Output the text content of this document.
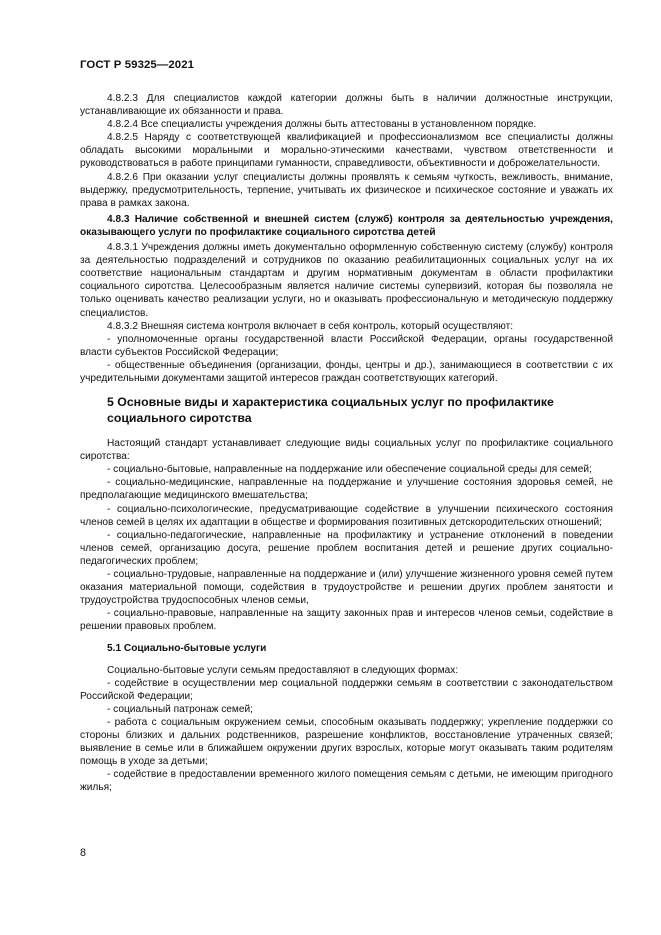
ГОСТ Р 59325—2021

4.8.2.3 Для специалистов каждой категории должны быть в наличии должностные инструкции, устанавливающие их обязанности и права.

4.8.2.4 Все специалисты учреждения должны быть аттестованы в установленном порядке.

4.8.2.5 Наряду с соответствующей квалификацией и профессионализмом все специалисты должны обладать высокими моральными и морально-этическими качествами, чувством ответственности и руководствоваться в работе принципами гуманности, справедливости, объективности и доброжелательности.

4.8.2.6 При оказании услуг специалисты должны проявлять к семьям чуткость, вежливость, внимание, выдержку, предусмотрительность, терпение, учитывать их физическое и психическое состояние и уважать их права в рамках закона.

4.8.3 Наличие собственной и внешней систем (служб) контроля за деятельностью учреждения, оказывающего услуги по профилактике социального сиротства детей

4.8.3.1 Учреждения должны иметь документально оформленную собственную систему (службу) контроля за деятельностью подразделений и сотрудников по оказанию реабилитационных социальных услуг на их соответствие национальным стандартам и другим нормативным документам в области профилактики социального сиротства. Целесообразным является наличие системы супервизий, которая бы позволяла не только оценивать качество реализации услуги, но и оказывать профессиональную и методическую поддержку специалистов.

4.8.3.2 Внешняя система контроля включает в себя контроль, который осуществляют:

- уполномоченные органы государственной власти Российской Федерации, органы государственной власти субъектов Российской Федерации;

- общественные объединения (организации, фонды, центры и др.), занимающиеся в соответствии с их учредительными документами защитой интересов граждан соответствующих категорий.

5 Основные виды и характеристика социальных услуг по профилактике социального сиротства

Настоящий стандарт устанавливает следующие виды социальных услуг по профилактике социального сиротства:

- социально-бытовые, направленные на поддержание или обеспечение социальной среды для семей;

- социально-медицинские, направленные на поддержание и улучшение состояния здоровья семей, не предполагающие медицинского вмешательства;

- социально-психологические, предусматривающие содействие в улучшении психического состояния членов семей в целях их адаптации в обществе и формирования позитивных детскородительских отношений;

- социально-педагогические, направленные на профилактику и устранение отклонений в поведении членов семей, организацию досуга, решение проблем воспитания детей и решение других социально-педагогических проблем;

- социально-трудовые, направленные на поддержание и (или) улучшение жизненного уровня семей путем оказания материальной помощи, содействия в трудоустройстве и решении других проблем занятости и трудоустройства трудоспособных членов семьи,

- социально-правовые, направленные на защиту законных прав и интересов членов семьи, содействие в решении правовых проблем.

5.1 Социально-бытовые услуги

Социально-бытовые услуги семьям предоставляют в следующих формах:

- содействие в осуществлении мер социальной поддержки семьям в соответствии с законодательством Российской Федерации;

- социальный патронаж семей;

- работа с социальным окружением семьи, способным оказывать поддержку; укрепление поддержки со стороны близких и дальних родственников, разрешение конфликтов, восстановление утраченных связей; выявление в семье или в ближайшем окружении других взрослых, которые могут оказывать таким родителям помощь в уходе за детьми;

- содействие в предоставлении временного жилого помещения семьям с детьми, не имеющим пригодного жилья;

8
